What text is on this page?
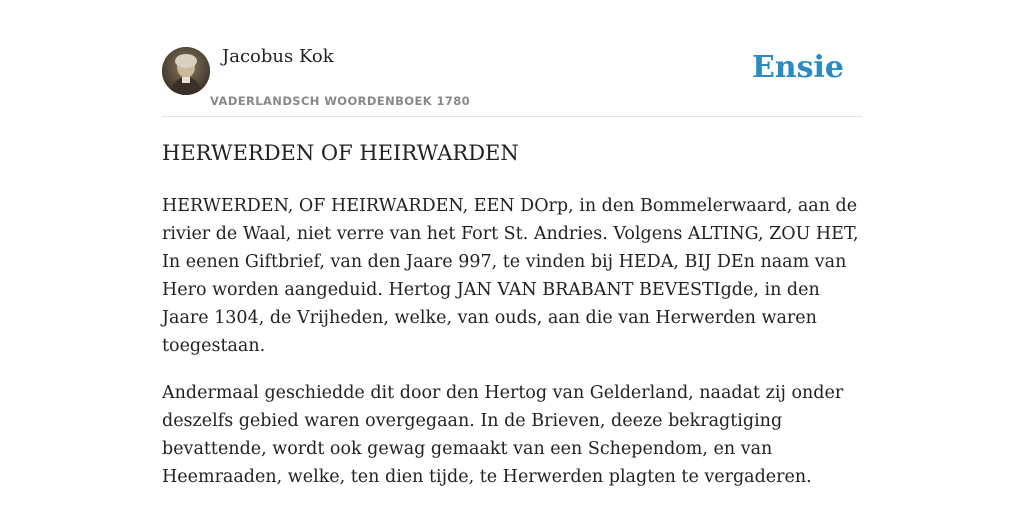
Jacobus Kok
VADERLANDSCH WOORDENBOEK 1780
Ensie
HERWERDEN OF HEIRWARDEN

HERWERDEN, OF HEIRWARDEN, EEN DOrp, in den Bommelerwaard, aan de rivier de Waal, niet verre van het Fort St. Andries. Volgens ALTING, ZOU HET, In eenen Giftbrief, van den Jaare 997, te vinden bij HEDA, BIJ DEn naam van Hero worden aangeduid. Hertog JAN VAN BRABANT BEVESTIgde, in den Jaare 1304, de Vrijheden, welke, van ouds, aan die van Herwerden waren toegestaan.

Andermaal geschiedde dit door den Hertog van Gelderland, naadat zij onder deszelfs gebied waren overgegaan. In de Brieven, deeze bekragtiging bevattende, wordt ook gewag gemaakt van een Schependom, en van Heemraaden, welke, ten dien tijde, te Herwerden plagten te vergaderen.
